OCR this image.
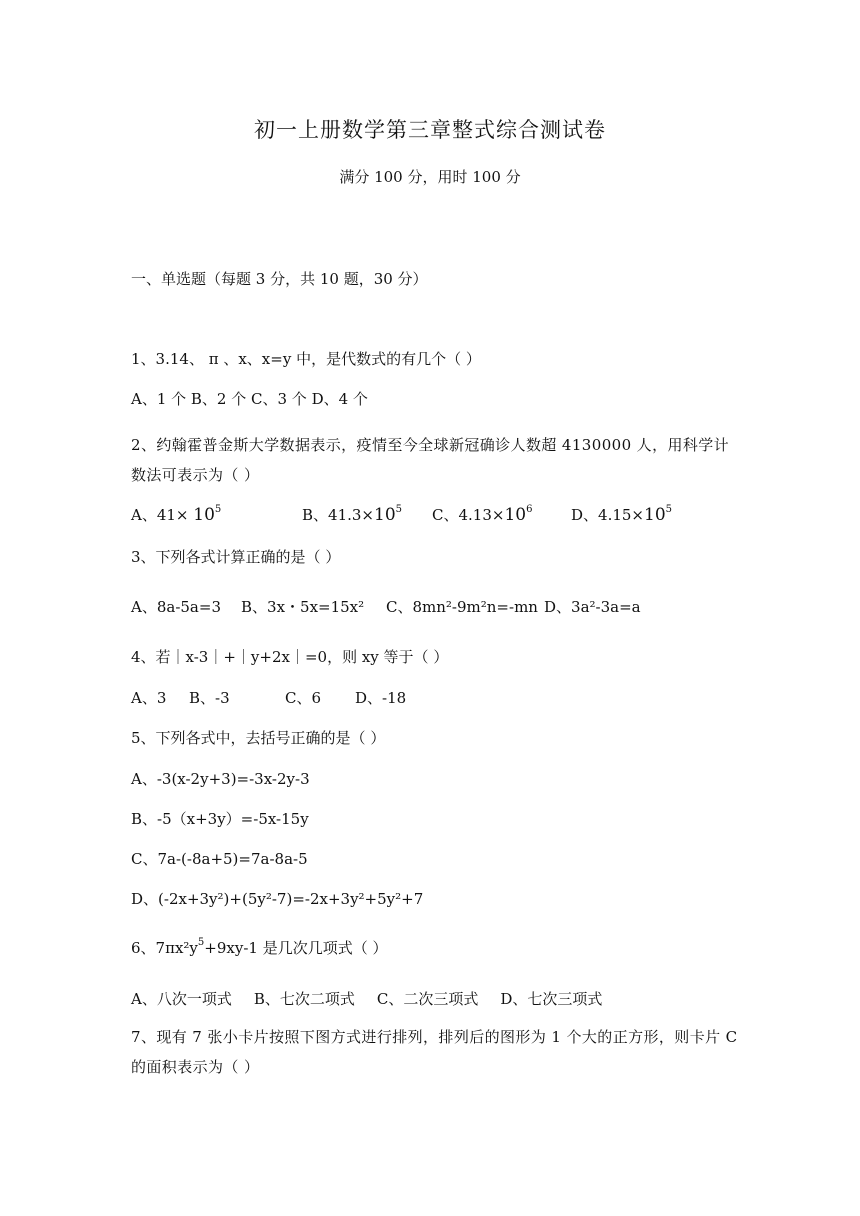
初一上册数学第三章整式综合测试卷
满分 100 分，用时 100 分
一、单选题（每题 3 分，共 10 题，30 分）
1、3.14、 π 、x、x=y 中，是代数式的有几个（ ）
A、1 个 B、2 个 C、3 个 D、4 个
2、约翰霍普金斯大学数据表示，疫情至今全球新冠确诊人数超 4130000 人，用科学计数法可表示为（ ）
A、$41\times 10^5$	B、$41.3\times 10^5$ C、$4.13\times 10^6$	D、$4.15\times 10^5$
3、下列各式计算正确的是（ ）
A、8a-5a=3 B、3x・5x=15x² C、8mn²-9m²n=-mn D、3a²-3a=a
4、若｜x-3｜+｜y+2x｜=0，则 xy 等于（ ）
A、3 B、-3	C、6 D、-18
5、下列各式中，去括号正确的是（ ）
A、-3(x-2y+3)=-3x-2y-3
B、-5（x+3y）=-5x-15y
C、7a-(-8a+5)=7a-8a-5
D、(-2x+3y²)+(5y²-7)=-2x+3y²+5y²+7
6、$7\pi x^2y^5+9xy-1$ 是几次几项式（ ）
A、八次一项式 B、七次二项式 C、二次三项式 D、七次三项式
7、现有 7 张小卡片按照下图方式进行排列，排列后的图形为 1 个大的正方形，则卡片 C 的面积表示为（ ）
